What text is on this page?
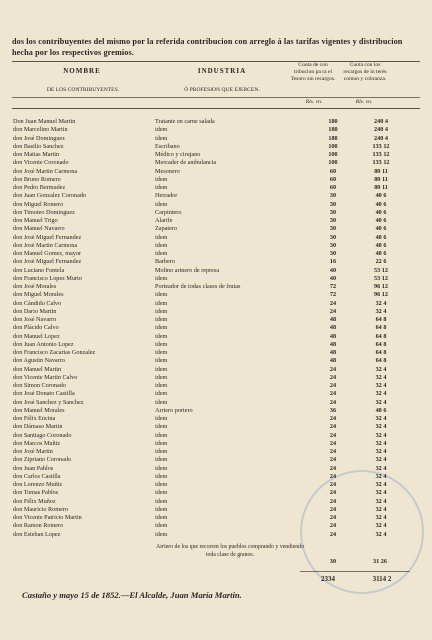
dos los contribuyentes del mismo por la referida contribucion con arreglo á las tarifas vigentes y distribucion hecha por los respectivos gremios.
NOMBRE
DE LOS CONTRIBUYENTES.
INDUSTRIA
Ó PROFESION QUE EJERCEN.
Cuota de con tribucion pa ra el Tesoro sin recargos.
Cuota con los recargos de in terés comun y cobranza.
Rls. vn.	Rls. vn.
Don Juan Manuel Martin	Tratante en carne salada	180	240 4
don Marcelino Martin	idem	180	240 4
don José Dominguez	idem	180	240 4
don Basilio Sanchez	Escribano	100	133 12
don Matias Martin	Médico y cirujano	100	133 12
don Vicente Coronado	Mercader de ambulancia	100	133 12
don José Martin Carmona	Mesonero	60	80 11
don Bruno Romero	idem	60	80 11
don Pedro Bermudez	idem	60	80 11
don Juan Gonzalez Coronado	Herrador	30	40 6
don Miguel Romero	idem	30	40 6
don Timoteo Dominguez	Carpintero	30	40 6
don Manuel Trigo	Alarife	30	40 6
don Manuel Navarro	Zapatero	30	40 6
don José Miguel Fernandez	idem	30	40 6
don José Martin Carmona	idem	30	40 6
don Manuel Gomez, mayor	idem	30	40 6
don José Miguel Fernandez	Barbero	16	22 6
don Luciano Fontela	Molino arinero de represa	40	53 12
don Francisco Lopez Murto	idem	40	53 12
don José Morales	Porteador de todas clases de frutas	72	96 12
don Miguel Morales	idem	72	96 12
don Cándido Calvo	idem	24	32 4
don Dario Martin	idem	24	32 4
don José Navarro	idem	48	64 8
don Plácido Calvo	idem	48	64 8
don Manuel Lopez	idem	48	64 8
don Juan Antonio Lopez	idem	48	64 8
don Francisco Zacarias Gonzalez	idem	48	64 8
don Agustin Navarro	idem	48	64 8
don Manuel Martin	idem	24	32 4
don Vicente Martin Calvo	idem	24	32 4
don Simon Coronado	idem	24	32 4
don José Donato Castilla	idem	24	32 4
don José Sanchez y Sanchez	idem	24	32 4
don Manuel Morales	Arriero portero	36	48 6
don Félix Encina	idem	24	32 4
don Dámaso Martin	idem	24	32 4
don Santiago Coronado	idem	24	32 4
don Marcos Muñiz	idem	24	32 4
don José Martin	idem	24	32 4
don Zipriano Coronado	idem	24	32 4
don Juan Pablos	idem	24	32 4
don Carlos Castilla	idem	24	32 4
don Lorenzo Muñiz	idem	24	32 4
don Tomas Pablos	idem	24	32 4
don Félix Muñoz	idem	24	32 4
don Mauricio Romero	idem	24	32 4
don Vicente Patricio Martin	idem	24	32 4
don Ramon Romero	idem	24	32 4
don Esteban Lopez	idem	24	32 4
Arriero de los que recorren los pueblos comprando y vendiendo toda clase de granos.
30	31 26
2334	3114 2
Castaño y mayo 15 de 1852.—El Alcalde, Juan María Martin.
